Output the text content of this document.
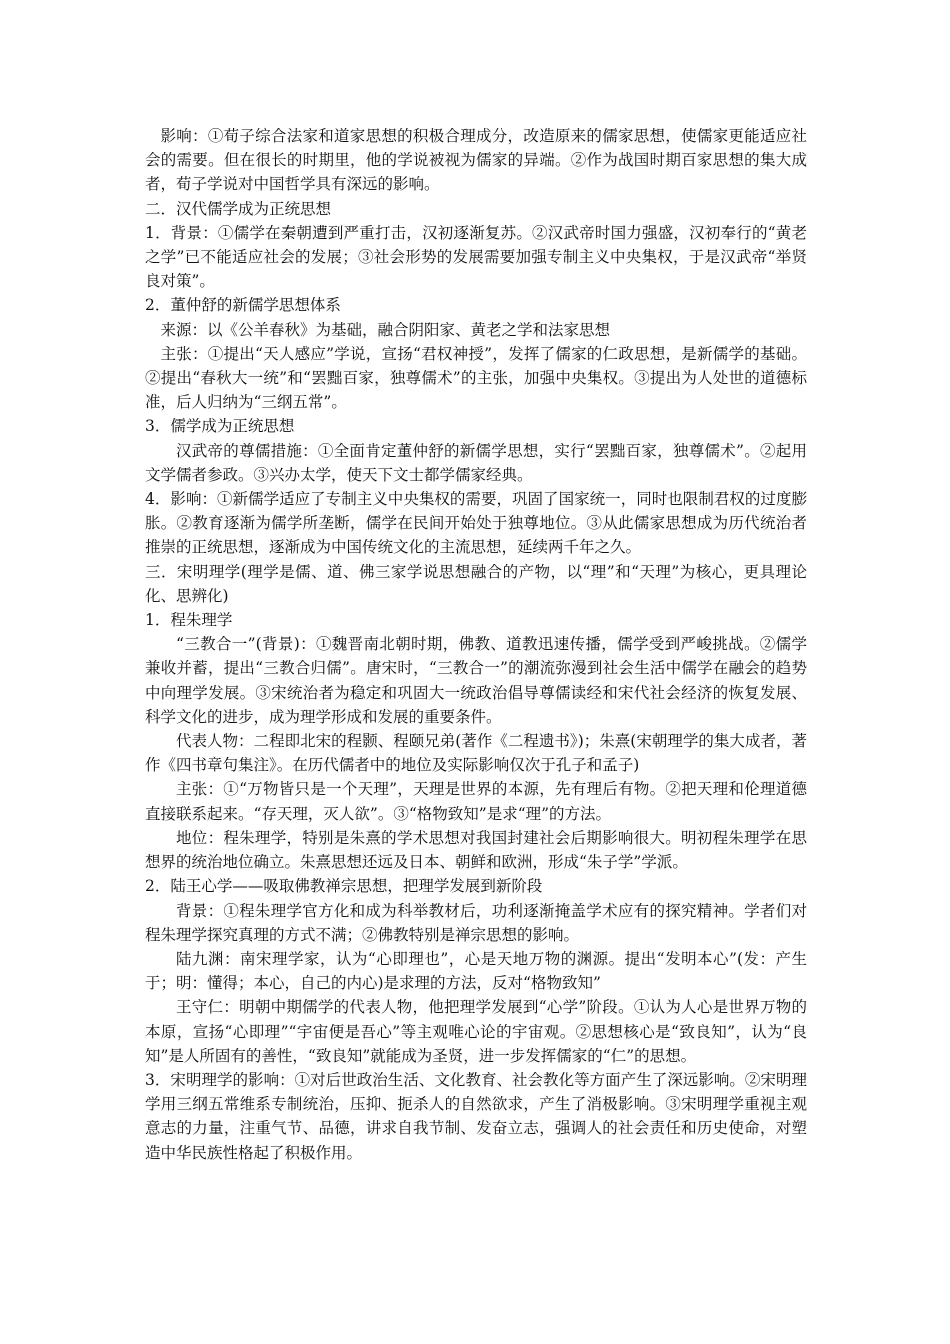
影响：①荀子综合法家和道家思想的积极合理成分，改造原来的儒家思想，使儒家更能适应社会的需要。但在很长的时期里，他的学说被视为儒家的异端。②作为战国时期百家思想的集大成者，荀子学说对中国哲学具有深远的影响。

二．汉代儒学成为正统思想

1．背景：①儒学在秦朝遭到严重打击，汉初逐渐复苏。②汉武帝时国力强盛，汉初奉行的“黄老之学”已不能适应社会的发展；③社会形势的发展需要加强专制主义中央集权，于是汉武帝“举贤良对策”。

2．董仲舒的新儒学思想体系

来源：以《公羊春秋》为基础，融合阴阳家、黄老之学和法家思想

主张：①提出“天人感应”学说，宣扬“君权神授”，发挥了儒家的仁政思想，是新儒学的基础。②提出“春秋大一统”和“罢黜百家，独尊儒术”的主张，加强中央集权。③提出为人处世的道德标准，后人归纳为“三纲五常”。

3．儒学成为正统思想

汉武帝的尊儒措施：①全面肯定董仲舒的新儒学思想，实行“罢黜百家，独尊儒术”。②起用文学儒者参政。③兴办太学，使天下文士都学儒家经典。

4．影响：①新儒学适应了专制主义中央集权的需要，巩固了国家统一，同时也限制君权的过度膨胀。②教育逐渐为儒学所垄断，儒学在民间开始处于独尊地位。③从此儒家思想成为历代统治者推崇的正统思想，逐渐成为中国传统文化的主流思想，延续两千年之久。

三．宋明理学(理学是儒、道、佛三家学说思想融合的产物，以“理”和“天理”为核心，更具理论化、思辨化)

1．程朱理学

“三教合一”(背景)：①魏晋南北朝时期，佛教、道教迅速传播，儒学受到严峻挑战。②儒学兼收并蓄，提出“三教合归儒”。唐宋时，“三教合一”的潮流弥漫到社会生活中儒学在融会的趋势中向理学发展。③宋统治者为稳定和巩固大一统政治倡导尊儒读经和宋代社会经济的恢复发展、科学文化的进步，成为理学形成和发展的重要条件。

代表人物：二程即北宋的程颢、程颐兄弟(著作《二程遗书》)；朱熹(宋朝理学的集大成者，著作《四书章句集注》。在历代儒者中的地位及实际影响仅次于孔子和孟子)

主张：①“万物皆只是一个天理”，天理是世界的本源，先有理后有物。②把天理和伦理道德直接联系起来。“存天理，灭人欲”。③“格物致知”是求“理”的方法。

地位：程朱理学，特别是朱熹的学术思想对我国封建社会后期影响很大。明初程朱理学在思想界的统治地位确立。朱熹思想还远及日本、朝鲜和欧洲，形成“朱子学”学派。

2．陆王心学——吸取佛教禅宗思想，把理学发展到新阶段

背景：①程朱理学官方化和成为科举教材后，功利逐渐掩盖学术应有的探究精神。学者们对程朱理学探究真理的方式不满；②佛教特别是禅宗思想的影响。

陆九渊：南宋理学家，认为“心即理也”，心是天地万物的渊源。提出“发明本心”(发：产生于；明：懂得；本心，自己的内心)是求理的方法，反对“格物致知”

王守仁：明朝中期儒学的代表人物，他把理学发展到“心学”阶段。①认为人心是世界万物的本原，宣扬“心即理”“宇宙便是吾心”等主观唯心论的宇宙观。②思想核心是“致良知”，认为“良知”是人所固有的善性，“致良知”就能成为圣贤，进一步发挥儒家的“仁”的思想。

3．宋明理学的影响：①对后世政治生活、文化教育、社会教化等方面产生了深远影响。②宋明理学用三纲五常维系专制统治，压抑、扼杀人的自然欲求，产生了消极影响。③宋明理学重视主观意志的力量，注重气节、品德，讲求自我节制、发奋立志，强调人的社会责任和历史使命，对塑造中华民族性格起了积极作用。
